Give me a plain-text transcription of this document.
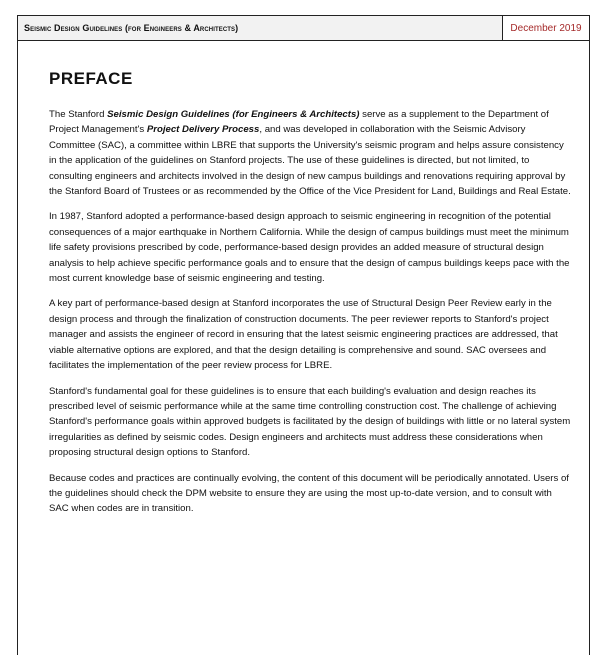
Seismic Design Guidelines (for Engineers & Architects)	December 2019
PREFACE

The Stanford Seismic Design Guidelines (for Engineers & Architects) serve as a supplement to the Department of Project Management's Project Delivery Process, and was developed in collaboration with the Seismic Advisory Committee (SAC), a committee within LBRE that supports the University's seismic program and helps assure consistency in the application of the guidelines on Stanford projects. The use of these guidelines is directed, but not limited, to consulting engineers and architects involved in the design of new campus buildings and renovations requiring approval by the Stanford Board of Trustees or as recommended by the Office of the Vice President for Land, Buildings and Real Estate.

In 1987, Stanford adopted a performance-based design approach to seismic engineering in recognition of the potential consequences of a major earthquake in Northern California. While the design of campus buildings must meet the minimum life safety provisions prescribed by code, performance-based design provides an added measure of structural design analysis to help achieve specific performance goals and to ensure that the design of campus buildings keeps pace with the most current knowledge base of seismic engineering and testing.

A key part of performance-based design at Stanford incorporates the use of Structural Design Peer Review early in the design process and through the finalization of construction documents. The peer reviewer reports to Stanford's project manager and assists the engineer of record in ensuring that the latest seismic engineering practices are addressed, that viable alternative options are explored, and that the design detailing is comprehensive and sound. SAC oversees and facilitates the implementation of the peer review process for LBRE.

Stanford's fundamental goal for these guidelines is to ensure that each building's evaluation and design reaches its prescribed level of seismic performance while at the same time controlling construction cost. The challenge of achieving Stanford's performance goals within approved budgets is facilitated by the design of buildings with little or no lateral system irregularities as defined by seismic codes. Design engineers and architects must address these considerations when proposing structural design options to Stanford.

Because codes and practices are continually evolving, the content of this document will be periodically annotated. Users of the guidelines should check the DPM website to ensure they are using the most up-to-date version, and to consult with SAC when codes are in transition.
